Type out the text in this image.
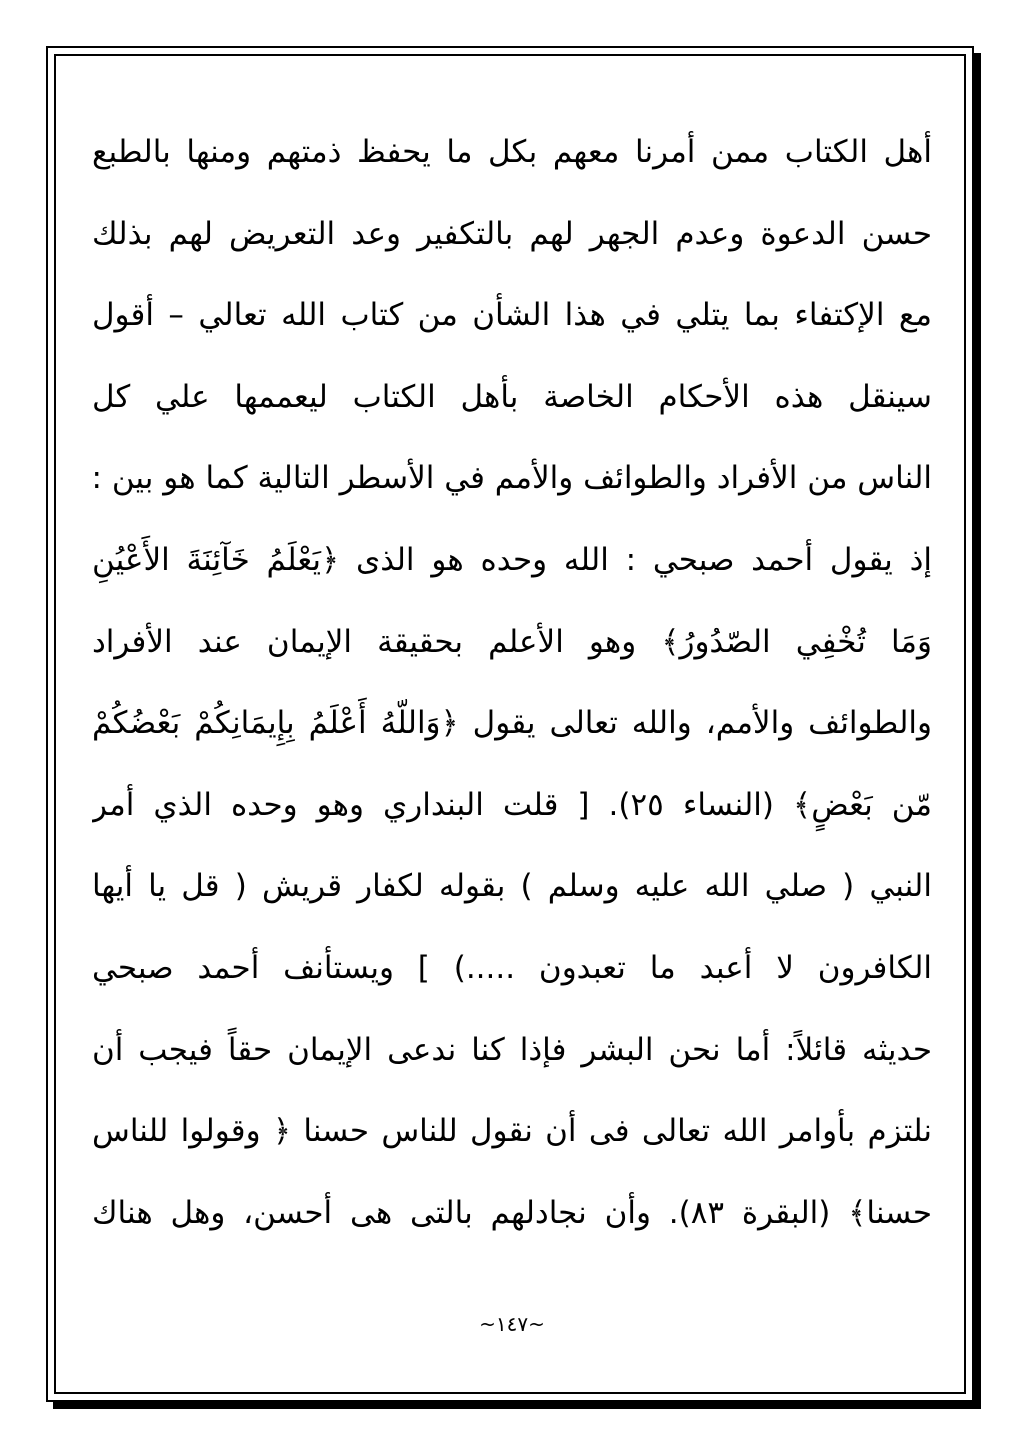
أهل الكتاب ممن أمرنا معهم بكل ما يحفظ ذمتهم ومنها بالطبع
حسن الدعوة وعدم الجهر لهم بالتكفير وعد التعريض لهم بذلك
مع الإكتفاء بما يتلي في هذا الشأن من كتاب الله تعالي – أقول
سينقل هذه الأحكام الخاصة بأهل الكتاب ليعممها علي كل
الناس من الأفراد والطوائف والأمم في الأسطر التالية كما هو بين :
إذ يقول أحمد صبحي : الله وحده هو الذى ﴿يَعْلَمُ خَآئِنَةَ الأَعْيُنِ
وَمَا تُخْفِي الصّدُورُ﴾ وهو الأعلم بحقيقة الإيمان عند الأفراد
والطوائف والأمم، والله تعالى يقول ﴿وَاللّهُ أَعْلَمُ بِإِيمَانِكُمْ بَعْضُكُمْ
مّن بَعْضٍ﴾ (النساء ٢٥). [ قلت البنداري وهو وحده الذي أمر
النبي ( صلي الله عليه وسلم ) بقوله لكفار قريش ( قل يا أيها
الكافرون لا أعبد ما تعبدون .....) ] ويستأنف أحمد صبحي
حديثه قائلاً: أما نحن البشر فإذا كنا ندعى الإيمان حقاً فيجب أن
نلتزم بأوامر الله تعالى فى أن نقول للناس حسنا ﴿ وقولوا للناس
حسنا﴾ (البقرة ٨٣). وأن نجادلهم بالتى هى أحسن، وهل هناك
~١٤٧~
